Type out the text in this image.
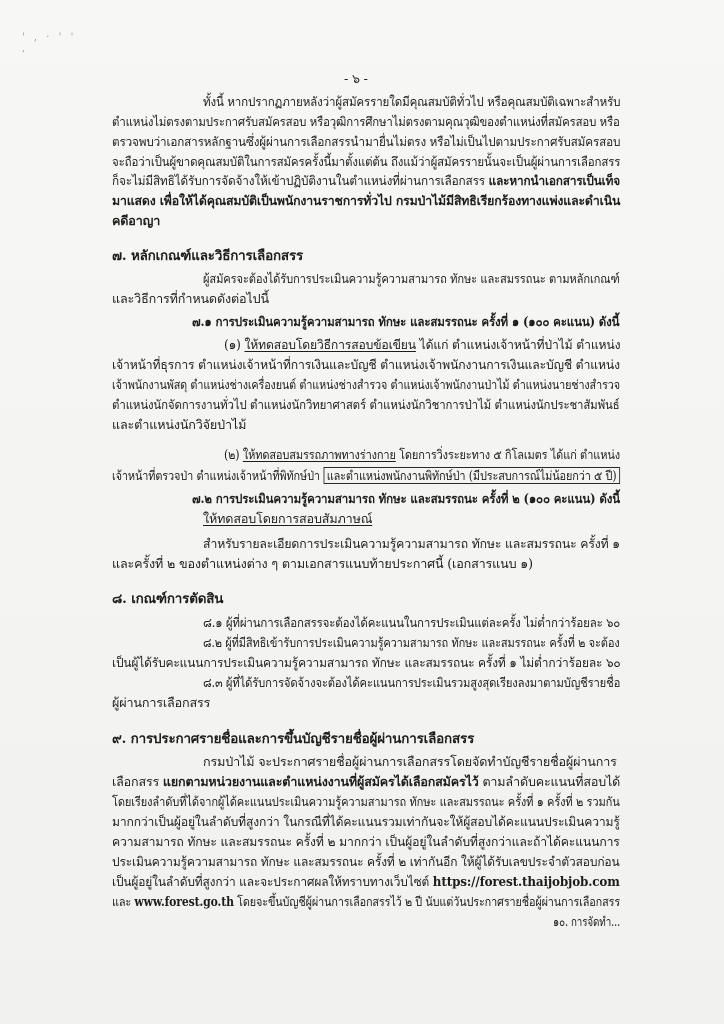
' , · ' ' ,
- ๖ -
ทั้งนี้ หากปรากฏภายหลังว่าผู้สมัครรายใดมีคุณสมบัติทั่วไป หรือคุณสมบัติเฉพาะสำหรับ
ตำแหน่งไม่ตรงตามประกาศรับสมัครสอบ หรือวุฒิการศึกษาไม่ตรงตามคุณวุฒิของตำแหน่งที่สมัครสอบ หรือ
ตรวจพบว่าเอกสารหลักฐานซึ่งผู้ผ่านการเลือกสรรนำมายื่นไม่ตรง หรือไม่เป็นไปตามประกาศรับสมัครสอบ
จะถือว่าเป็นผู้ขาดคุณสมบัติในการสมัครครั้งนี้มาตั้งแต่ต้น ถึงแม้ว่าผู้สมัครรายนั้นจะเป็นผู้ผ่านการเลือกสรร
ก็จะไม่มีสิทธิได้รับการจัดจ้างให้เข้าปฏิบัติงานในตำแหน่งที่ผ่านการเลือกสรร และหากนำเอกสารเป็นเท็จ
มาแสดง เพื่อให้ได้คุณสมบัติเป็นพนักงานราชการทั่วไป กรมป่าไม้มีสิทธิเรียกร้องทางแพ่งและดำเนิน
คดีอาญา
๗. หลักเกณฑ์และวิธีการเลือกสรร
ผู้สมัครจะต้องได้รับการประเมินความรู้ความสามารถ ทักษะ และสมรรถนะ ตามหลักเกณฑ์
และวิธีการที่กำหนดดังต่อไปนี้
๗.๑ การประเมินความรู้ความสามารถ ทักษะ และสมรรถนะ ครั้งที่ ๑ (๑๐๐ คะแนน) ดังนี้
(๑) ให้ทดสอบโดยวิธีการสอบข้อเขียน ได้แก่ ตำแหน่งเจ้าหน้าที่ป่าไม้ ตำแหน่ง
เจ้าหน้าที่ธุรการ ตำแหน่งเจ้าหน้าที่การเงินและบัญชี ตำแหน่งเจ้าพนักงานการเงินและบัญชี ตำแหน่ง
เจ้าพนักงานพัสดุ ตำแหน่งช่างเครื่องยนต์ ตำแหน่งช่างสำรวจ ตำแหน่งเจ้าพนักงานป่าไม้ ตำแหน่งนายช่างสำรวจ
ตำแหน่งนักจัดการงานทั่วไป ตำแหน่งนักวิทยาศาสตร์ ตำแหน่งนักวิชาการป่าไม้ ตำแหน่งนักประชาสัมพันธ์
และตำแหน่งนักวิจัยป่าไม้
(๒) ให้ทดสอบสมรรถภาพทางร่างกาย โดยการวิ่งระยะทาง ๕ กิโลเมตร ได้แก่ ตำแหน่ง
เจ้าหน้าที่ตรวจป่า ตำแหน่งเจ้าหน้าที่พิทักษ์ป่า และตำแหน่งพนักงานพิทักษ์ป่า (มีประสบการณ์ไม่น้อยกว่า ๕ ปี)
๗.๒ การประเมินความรู้ความสามารถ ทักษะ และสมรรถนะ ครั้งที่ ๒ (๑๐๐ คะแนน) ดังนี้
ให้ทดสอบโดยการสอบสัมภาษณ์
สำหรับรายละเอียดการประเมินความรู้ความสามารถ ทักษะ และสมรรถนะ ครั้งที่ ๑
และครั้งที่ ๒ ของตำแหน่งต่าง ๆ ตามเอกสารแนบท้ายประกาศนี้ (เอกสารแนบ ๑)
๘. เกณฑ์การตัดสิน
๘.๑ ผู้ที่ผ่านการเลือกสรรจะต้องได้คะแนนในการประเมินแต่ละครั้ง ไม่ต่ำกว่าร้อยละ ๖๐
๘.๒ ผู้ที่มีสิทธิเข้ารับการประเมินความรู้ความสามารถ ทักษะ และสมรรถนะ ครั้งที่ ๒ จะต้อง
เป็นผู้ได้รับคะแนนการประเมินความรู้ความสามารถ ทักษะ และสมรรถนะ ครั้งที่ ๑ ไม่ต่ำกว่าร้อยละ ๖๐
๘.๓ ผู้ที่ได้รับการจัดจ้างจะต้องได้คะแนนการประเมินรวมสูงสุดเรียงลงมาตามบัญชีรายชื่อ
ผู้ผ่านการเลือกสรร
๙. การประกาศรายชื่อและการขึ้นบัญชีรายชื่อผู้ผ่านการเลือกสรร
กรมป่าไม้ จะประกาศรายชื่อผู้ผ่านการเลือกสรรโดยจัดทำบัญชีรายชื่อผู้ผ่านการ
เลือกสรร แยกตามหน่วยงานและตำแหน่งงานที่ผู้สมัครได้เลือกสมัครไว้ ตามลำดับคะแนนที่สอบได้
โดยเรียงลำดับที่ได้จากผู้ได้คะแนนประเมินความรู้ความสามารถ ทักษะ และสมรรถนะ ครั้งที่ ๑ ครั้งที่ ๒ รวมกัน
มากกว่าเป็นผู้อยู่ในลำดับที่สูงกว่า ในกรณีที่ได้คะแนนรวมเท่ากันจะให้ผู้สอบได้คะแนนประเมินความรู้
ความสามารถ ทักษะ และสมรรถนะ ครั้งที่ ๒ มากกว่า เป็นผู้อยู่ในลำดับที่สูงกว่าและถ้าได้คะแนนการ
ประเมินความรู้ความสามารถ ทักษะ และสมรรถนะ ครั้งที่ ๒ เท่ากันอีก ให้ผู้ได้รับเลขประจำตัวสอบก่อน
เป็นผู้อยู่ในลำดับที่สูงกว่า และจะประกาศผลให้ทราบทางเว็บไซต์ https://forest.thaijobjob.com
และ www.forest.go.th โดยจะขึ้นบัญชีผู้ผ่านการเลือกสรรไว้ ๒ ปี นับแต่วันประกาศรายชื่อผู้ผ่านการเลือกสรร
๑๐. การจัดทำ...
